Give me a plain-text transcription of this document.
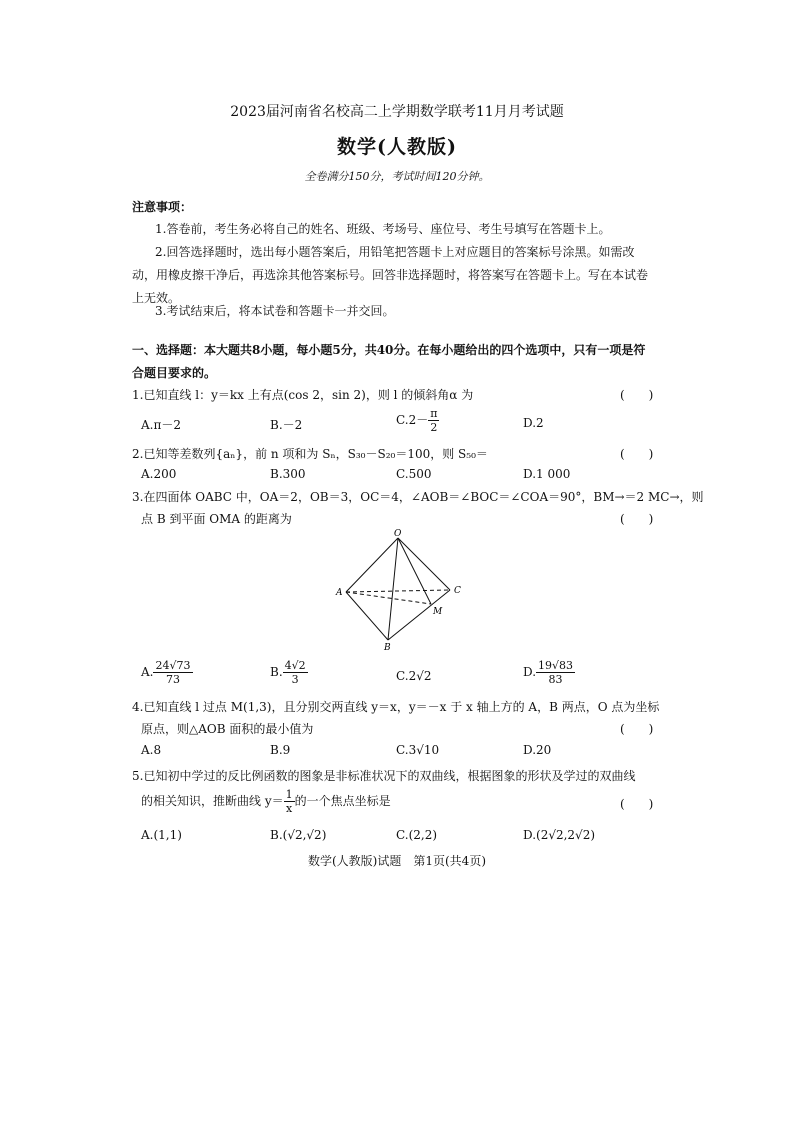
2023届河南省名校高二上学期数学联考11月月考试题
数学(人教版)
全卷满分150分，考试时间120分钟。
注意事项：
1.答卷前，考生务必将自己的姓名、班级、考场号、座位号、考生号填写在答题卡上。
2.回答选择题时，选出每小题答案后，用铅笔把答题卡上对应题目的答案标号涂黑。如需改
动，用橡皮擦干净后，再选涂其他答案标号。回答非选择题时，将答案写在答题卡上。写在本试卷
上无效。
3.考试结束后，将本试卷和答题卡一并交回。
一、选择题：本大题共8小题，每小题5分，共40分。在每小题给出的四个选项中，只有一项是符
合题目要求的。
1.已知直线 l：y＝kx 上有点(cos 2，sin 2)，则 l 的倾斜角α 为	(　　)
A.π－2	B.－2	$C.2- \frac{\pi}{2}$	D.2
2.已知等差数列{aₙ}，前 n 项和为 Sₙ，S₃₀－S₂₀＝100，则 S₅₀＝	(　　)
A.200	B.300	C.500	D.1 000
3.在四面体 OABC 中，OA＝2，OB＝3，OC＝4，∠AOB＝∠BOC＝∠COA＝90°，BM→＝2 MC→，则
点 B 到平面 OMA 的距离为	(　　)
O
A
B
C
M
A. $\frac{24√73}{73}$	B. $\frac{4√2}{3}$	C.2√2	D. $\frac{19√83}{83}$
4.已知直线 l 过点 M(1,3)，且分别交两直线 y＝x，y＝－x 于 x 轴上方的 A，B 两点，O 点为坐标
原点，则△AOB 面积的最小值为	(　　)
A.8	B.9	C.3√10	D.20
5.已知初中学过的反比例函数的图象是非标准状况下的双曲线，根据图象的形状及学过的双曲线
的相关知识，推断曲线 $y= \frac{1}{x}$ 的一个焦点坐标是	(　　)
A.(1,1)	B.(√2,√2)	C.(2,2)	D.(2√2,2√2)
数学(人教版)试题　第1页(共4页)
